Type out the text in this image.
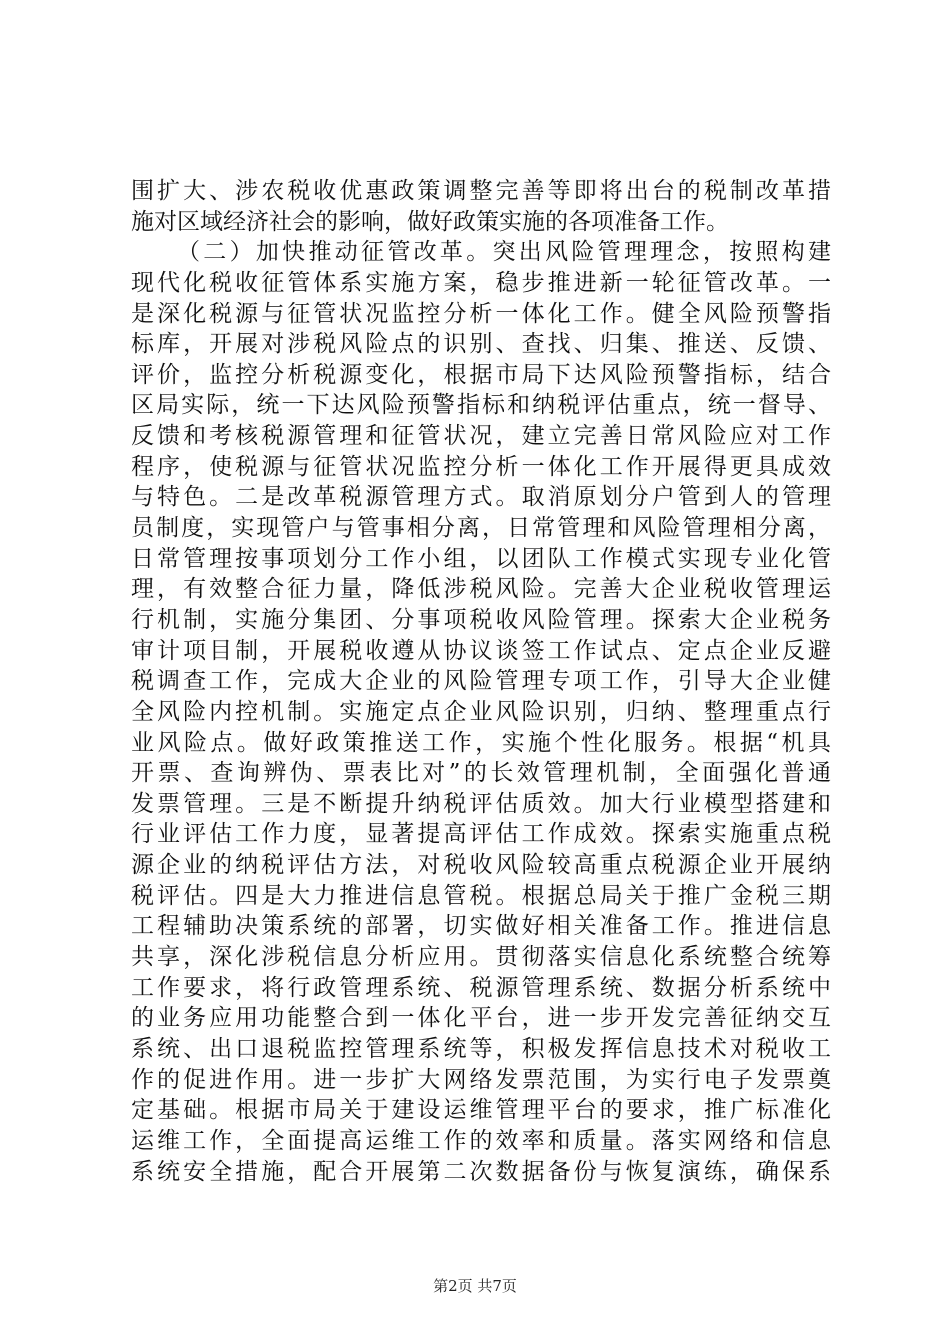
围扩大、涉农税收优惠政策调整完善等即将出台的税制改革措
施对区域经济社会的影响，做好政策实施的各项准备工作。
（二）加快推动征管改革。突出风险管理理念，按照构建
现代化税收征管体系实施方案，稳步推进新一轮征管改革。一
是深化税源与征管状况监控分析一体化工作。健全风险预警指
标库，开展对涉税风险点的识别、查找、归集、推送、反馈、
评价，监控分析税源变化，根据市局下达风险预警指标，结合
区局实际，统一下达风险预警指标和纳税评估重点，统一督导、
反馈和考核税源管理和征管状况，建立完善日常风险应对工作
程序，使税源与征管状况监控分析一体化工作开展得更具成效
与特色。二是改革税源管理方式。取消原划分户管到人的管理
员制度，实现管户与管事相分离，日常管理和风险管理相分离，
日常管理按事项划分工作小组，以团队工作模式实现专业化管
理，有效整合征力量，降低涉税风险。完善大企业税收管理运
行机制，实施分集团、分事项税收风险管理。探索大企业税务
审计项目制，开展税收遵从协议谈签工作试点、定点企业反避
税调查工作，完成大企业的风险管理专项工作，引导大企业健
全风险内控机制。实施定点企业风险识别，归纳、整理重点行
业风险点。做好政策推送工作，实施个性化服务。根据“机具
开票、查询辨伪、票表比对”的长效管理机制，全面强化普通
发票管理。三是不断提升纳税评估质效。加大行业模型搭建和
行业评估工作力度，显著提高评估工作成效。探索实施重点税
源企业的纳税评估方法，对税收风险较高重点税源企业开展纳
税评估。四是大力推进信息管税。根据总局关于推广金税三期
工程辅助决策系统的部署，切实做好相关准备工作。推进信息
共享，深化涉税信息分析应用。贯彻落实信息化系统整合统筹
工作要求，将行政管理系统、税源管理系统、数据分析系统中
的业务应用功能整合到一体化平台，进一步开发完善征纳交互
系统、出口退税监控管理系统等，积极发挥信息技术对税收工
作的促进作用。进一步扩大网络发票范围，为实行电子发票奠
定基础。根据市局关于建设运维管理平台的要求，推广标准化
运维工作，全面提高运维工作的效率和质量。落实网络和信息
系统安全措施，配合开展第二次数据备份与恢复演练，确保系
第2页 共7页
